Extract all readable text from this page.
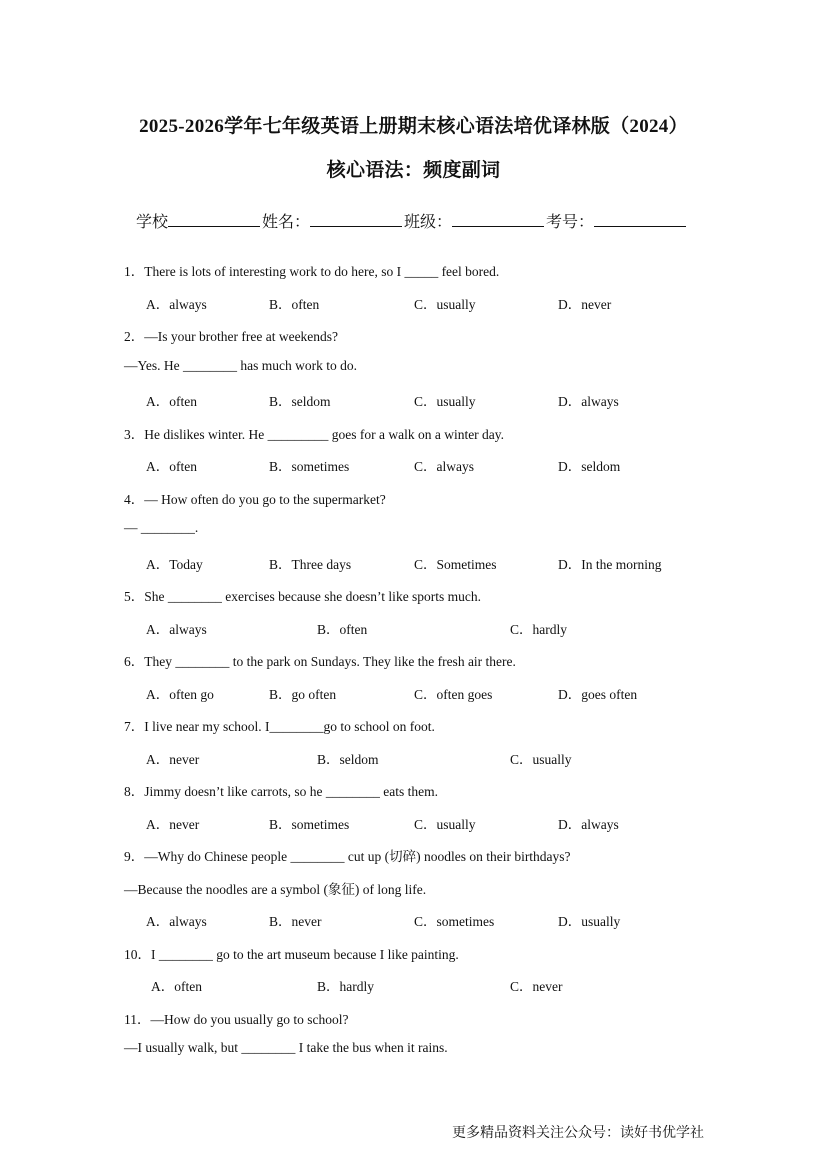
2025-2026学年七年级英语上册期末核心语法培优译林版（2024）
核心语法：频度副词
学校	姓名：	班级：	考号：
1．There is lots of interesting work to do here, so I _____ feel bored.
A．always	B．often	C．usually	D．never
2．—Is your brother free at weekends?
—Yes. He ________ has much work to do.
A．often	B．seldom	C．usually	D．always
3．He dislikes winter. He _________ goes for a walk on a winter day.
A．often	B．sometimes	C．always	D．seldom
4．— How often do you go to the supermarket?
— ________.
A．Today	B．Three days	C．Sometimes	D．In the morning
5．She ________ exercises because she doesn’t like sports much.
A．always	B．often	C．hardly
6．They ________ to the park on Sundays. They like the fresh air there.
A．often go	B．go often	C．often goes	D．goes often
7．I live near my school. I________go to school on foot.
A．never	B．seldom	C．usually
8．Jimmy doesn’t like carrots, so he ________ eats them.
A．never	B．sometimes	C．usually	D．always
9．—Why do Chinese people ________ cut up (切碎) noodles on their birthdays?
—Because the noodles are a symbol (象征) of long life.
A．always	B．never	C．sometimes	D．usually
10．I ________ go to the art museum because I like painting.
A．often	B．hardly	C．never
11．—How do you usually go to school?
—I usually walk, but ________ I take the bus when it rains.
更多精品资料关注公众号：读好书优学社
